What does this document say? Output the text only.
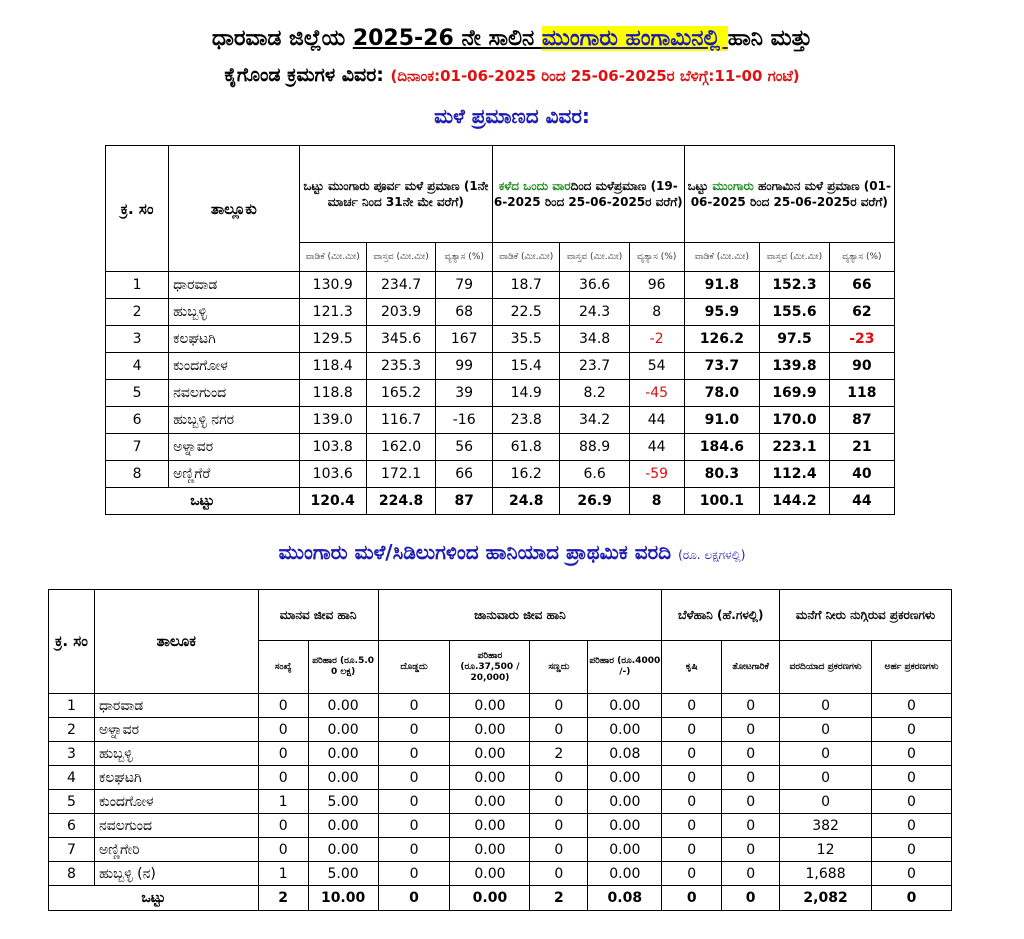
ಧಾರವಾಡ ಜಿಲ್ಲೆಯ 2025-26 ನೇ ಸಾಲಿನ ಮುಂಗಾರು ಹಂಗಾಮಿನಲ್ಲಿ ಹಾನಿ ಮತ್ತು
ಕೈಗೊಂಡ ಕ್ರಮಗಳ ವಿವರ: (ದಿನಾಂಕ:01-06-2025 ರಿಂದ 25-06-2025ರ ಬೆಳಿಗ್ಗೆ:11-00 ಗಂಟೆ)
ಮಳೆ ಪ್ರಮಾಣದ ವಿವರ:
ಕ್ರ. ಸಂ	ತಾಲ್ಲೂಕು	ಒಟ್ಟು ಮುಂಗಾರು ಪೂರ್ವ ಮಳೆ ಪ್ರಮಾಣ (1ನೇ ಮಾರ್ಚ ನಿಂದ 31ನೇ ಮೇ ವರೆಗೆ)			ಕಳೆದ ಒಂದು ವಾರದಿಂದ ಮಳೆಪ್ರಮಾಣ (19-6-2025 ರಿಂದ 25-06-2025ರ ವರೆಗೆ)			ಒಟ್ಟು ಮುಂಗಾರು ಹಂಗಾಮಿನ ಮಳೆ ಪ್ರಮಾಣ (01-06-2025 ರಿಂದ 25-06-2025ರ ವರೆಗೆ)		
		ವಾಡಿಕೆ (ಮೀ.ಮೀ)	ವಾಸ್ತವ (ಮೀ.ಮೀ)	ವ್ಯತ್ಯಾಸ (%)	ವಾಡಿಕೆ (ಮೀ.ಮೀ)	ವಾಸ್ತವ (ಮೀ.ಮೀ)	ವ್ಯತ್ಯಾಸ (%)	ವಾಡಿಕೆ (ಮೀ.ಮೀ)	ವಾಸ್ತವ (ಮೀ.ಮೀ)	ವ್ಯತ್ಯಾಸ (%)
1	ಧಾರವಾಡ	130.9	234.7	79	18.7	36.6	96	91.8	152.3	66
2	ಹುಬ್ಬಳ್ಳಿ	121.3	203.9	68	22.5	24.3	8	95.9	155.6	62
3	ಕಲಘಟಗಿ	129.5	345.6	167	35.5	34.8	-2	126.2	97.5	-23
4	ಕುಂದಗೋಳ	118.4	235.3	99	15.4	23.7	54	73.7	139.8	90
5	ನವಲಗುಂದ	118.8	165.2	39	14.9	8.2	-45	78.0	169.9	118
6	ಹುಬ್ಬಳ್ಳಿ ನಗರ	139.0	116.7	-16	23.8	34.2	44	91.0	170.0	87
7	ಅಳ್ನಾವರ	103.8	162.0	56	61.8	88.9	44	184.6	223.1	21
8	ಅಣ್ಣಿಗೆರೆ	103.6	172.1	66	16.2	6.6	-59	80.3	112.4	40
ಒಟ್ಟು		120.4	224.8	87	24.8	26.9	8	100.1	144.2	44
ಮುಂಗಾರು ಮಳೆ/ಸಿಡಿಲುಗಳಿಂದ ಹಾನಿಯಾದ ಪ್ರಾಥಮಿಕ ವರದಿ (ರೂ. ಲಕ್ಷಗಳಲ್ಲಿ)
ಕ್ರ. ಸಂ	ತಾಲೂಕ	ಮಾನವ ಜೀವ ಹಾನಿ		ಜಾನುವಾರು ಜೀವ ಹಾನಿ				ಬೆಳೆಹಾನಿ (ಹೆ.ಗಳಲ್ಲಿ)		ಮನೆಗೆ ನೀರು ನುಗ್ಗಿರುವ ಪ್ರಕರಣಗಳು	
		ಸಂಖ್ಯೆ	ಪರಿಹಾರ (ರೂ.5.0 0 ಲಕ್ಷ)	ದೊಡ್ಡದು	ಪರಿಹಾರ (ರೂ.37,500 / 20,000)	ಸಣ್ಣದು	ಪರಿಹಾರ (ರೂ.4000 /-)	ಕೃಷಿ	ತೋಟಗಾರಿಕೆ	ವರದಿಯಾದ ಪ್ರಕರಣಗಳು	ಅರ್ಹ ಪ್ರಕರಣಗಳು
1	ಧಾರವಾಡ	0	0.00	0	0.00	0	0.00	0	0	0	0
2	ಅಳ್ನಾವರ	0	0.00	0	0.00	0	0.00	0	0	0	0
3	ಹುಬ್ಬಳ್ಳಿ	0	0.00	0	0.00	2	0.08	0	0	0	0
4	ಕಲಘಟಗಿ	0	0.00	0	0.00	0	0.00	0	0	0	0
5	ಕುಂದಗೋಳ	1	5.00	0	0.00	0	0.00	0	0	0	0
6	ನವಲಗುಂದ	0	0.00	0	0.00	0	0.00	0	0	382	0
7	ಅಣ್ಣಿಗೇರಿ	0	0.00	0	0.00	0	0.00	0	0	12	0
8	ಹುಬ್ಬಳ್ಳಿ (ನ)	1	5.00	0	0.00	0	0.00	0	0	1,688	0
ಒಟ್ಟು		2	10.00	0	0.00	2	0.08	0	0	2,082	0
